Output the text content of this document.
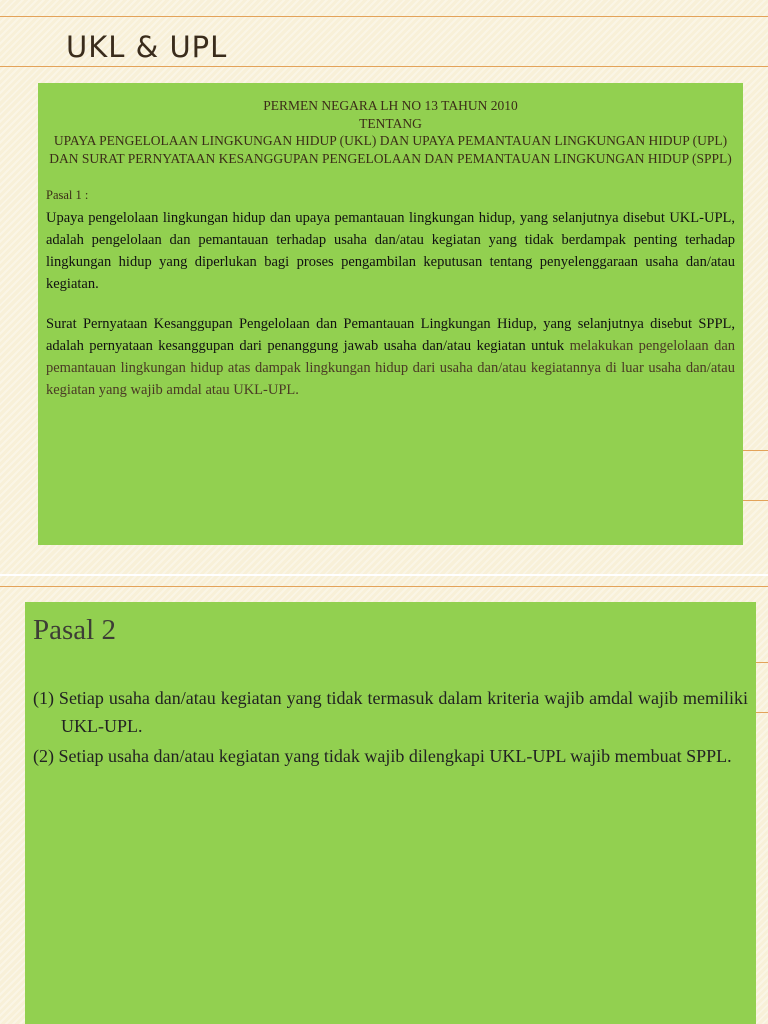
UKL & UPL
PERMEN NEGARA LH NO 13 TAHUN 2010
TENTANG
UPAYA PENGELOLAAN LINGKUNGAN HIDUP (UKL) DAN UPAYA PEMANTAUAN LINGKUNGAN HIDUP (UPL) DAN SURAT PERNYATAAN KESANGGUPAN PENGELOLAAN DAN PEMANTAUAN LINGKUNGAN HIDUP (SPPL)
Pasal 1 :

Upaya pengelolaan lingkungan hidup dan upaya pemantauan lingkungan hidup, yang selanjutnya disebut UKL-UPL, adalah pengelolaan dan pemantauan terhadap usaha dan/atau kegiatan yang tidak berdampak penting terhadap lingkungan hidup yang diperlukan bagi proses pengambilan keputusan tentang penyelenggaraan usaha dan/atau kegiatan.

Surat Pernyataan Kesanggupan Pengelolaan dan Pemantauan Lingkungan Hidup, yang selanjutnya disebut SPPL, adalah pernyataan kesanggupan dari penanggung jawab usaha dan/atau kegiatan untuk melakukan pengelolaan dan pemantauan lingkungan hidup atas dampak lingkungan hidup dari usaha dan/atau kegiatannya di luar usaha dan/atau kegiatan yang wajib amdal atau UKL-UPL.

Pasal 2

(1) Setiap usaha dan/atau kegiatan yang tidak termasuk dalam kriteria wajib amdal wajib memiliki UKL-UPL.

(2) Setiap usaha dan/atau kegiatan yang tidak wajib dilengkapi UKL-UPL wajib membuat SPPL.
